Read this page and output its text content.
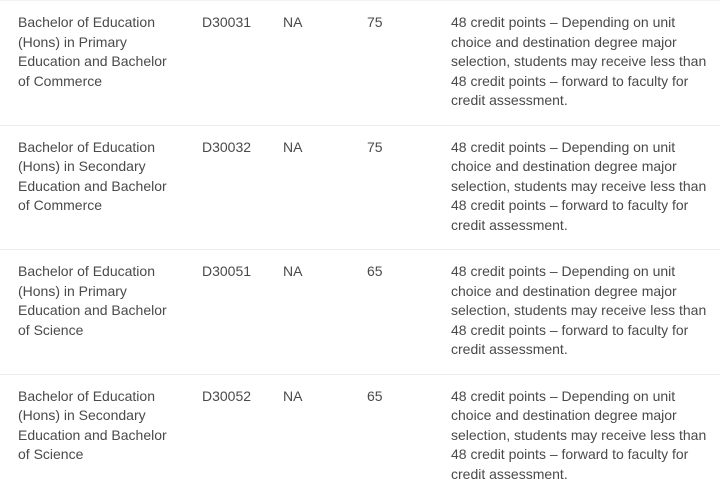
Bachelor of Education
(Hons) in Primary
Education and Bachelor
of Commerce
D30031	NA	75	48 credit points – Depending on unit
choice and destination degree major
selection, students may receive less than
48 credit points – forward to faculty for
credit assessment.
Bachelor of Education
(Hons) in Secondary
Education and Bachelor
of Commerce
D30032	NA	75	48 credit points – Depending on unit
choice and destination degree major
selection, students may receive less than
48 credit points – forward to faculty for
credit assessment.
Bachelor of Education
(Hons) in Primary
Education and Bachelor
of Science
D30051	NA	65	48 credit points – Depending on unit
choice and destination degree major
selection, students may receive less than
48 credit points – forward to faculty for
credit assessment.
Bachelor of Education
(Hons) in Secondary
Education and Bachelor
of Science
D30052	NA	65	48 credit points – Depending on unit
choice and destination degree major
selection, students may receive less than
48 credit points – forward to faculty for
credit assessment.
